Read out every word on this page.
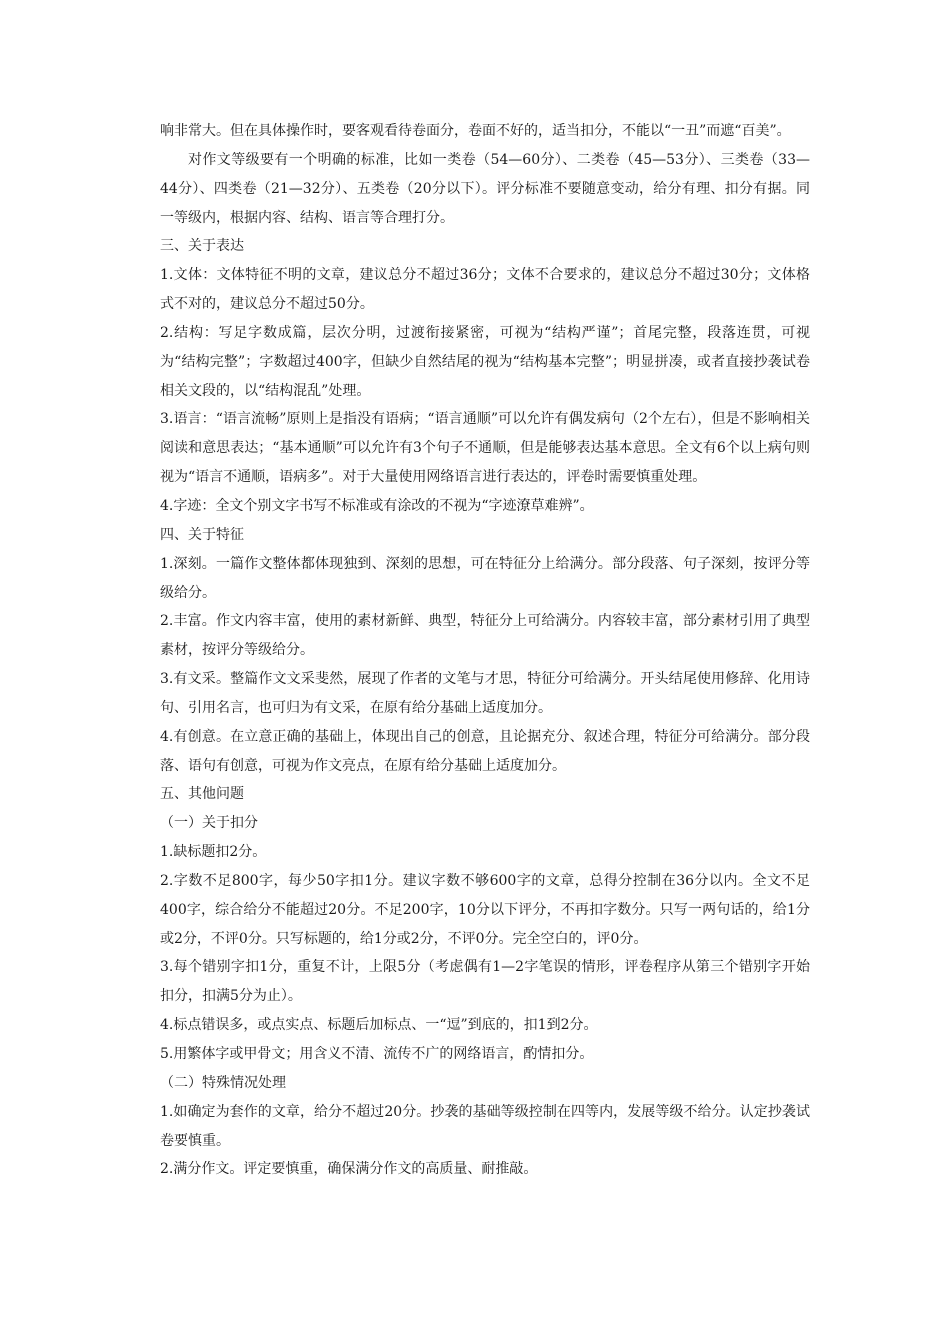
响非常大。但在具体操作时，要客观看待卷面分，卷面不好的，适当扣分，不能以“一丑”而遮“百美”。

对作文等级要有一个明确的标准，比如一类卷（54—60分）、二类卷（45—53分）、三类卷（33—44分）、四类卷（21—32分）、五类卷（20分以下）。评分标准不要随意变动，给分有理、扣分有据。同一等级内，根据内容、结构、语言等合理打分。

三、关于表达

1.文体：文体特征不明的文章，建议总分不超过36分；文体不合要求的，建议总分不超过30分；文体格式不对的，建议总分不超过50分。

2.结构：写足字数成篇，层次分明，过渡衔接紧密，可视为“结构严谨”；首尾完整，段落连贯，可视为“结构完整”；字数超过400字，但缺少自然结尾的视为“结构基本完整”；明显拼凑，或者直接抄袭试卷相关文段的，以“结构混乱”处理。

3.语言：“语言流畅”原则上是指没有语病；“语言通顺”可以允许有偶发病句（2个左右），但是不影响相关阅读和意思表达；“基本通顺”可以允许有3个句子不通顺，但是能够表达基本意思。全文有6个以上病句则视为“语言不通顺，语病多”。对于大量使用网络语言进行表达的，评卷时需要慎重处理。

4.字迹：全文个别文字书写不标准或有涂改的不视为“字迹潦草难辨”。

四、关于特征

1.深刻。一篇作文整体都体现独到、深刻的思想，可在特征分上给满分。部分段落、句子深刻，按评分等级给分。

2.丰富。作文内容丰富，使用的素材新鲜、典型，特征分上可给满分。内容较丰富，部分素材引用了典型素材，按评分等级给分。

3.有文采。整篇作文文采斐然，展现了作者的文笔与才思，特征分可给满分。开头结尾使用修辞、化用诗句、引用名言，也可归为有文采，在原有给分基础上适度加分。

4.有创意。在立意正确的基础上，体现出自己的创意，且论据充分、叙述合理，特征分可给满分。部分段落、语句有创意，可视为作文亮点，在原有给分基础上适度加分。

五、其他问题

（一）关于扣分

1.缺标题扣2分。

2.字数不足800字，每少50字扣1分。建议字数不够600字的文章，总得分控制在36分以内。全文不足400字，综合给分不能超过20分。不足200字，10分以下评分，不再扣字数分。只写一两句话的，给1分或2分，不评0分。只写标题的，给1分或2分，不评0分。完全空白的，评0分。

3.每个错别字扣1分，重复不计，上限5分（考虑偶有1—2字笔误的情形，评卷程序从第三个错别字开始扣分，扣满5分为止）。

4.标点错误多，或点实点、标题后加标点、一“逗”到底的，扣1到2分。

5.用繁体字或甲骨文；用含义不清、流传不广的网络语言，酌情扣分。

（二）特殊情况处理

1.如确定为套作的文章，给分不超过20分。抄袭的基础等级控制在四等内，发展等级不给分。认定抄袭试卷要慎重。

2.满分作文。评定要慎重，确保满分作文的高质量、耐推敲。
